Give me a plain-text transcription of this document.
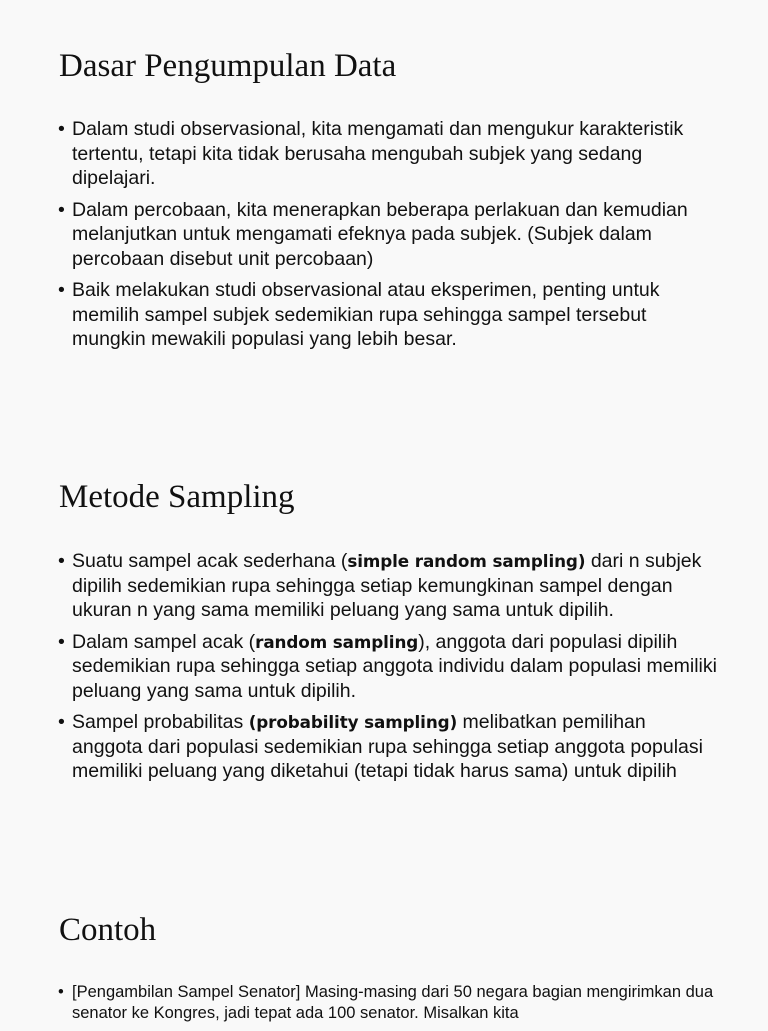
Dasar Pengumpulan Data
• Dalam studi observasional, kita mengamati dan mengukur karakteristik tertentu, tetapi kita tidak berusaha mengubah subjek yang sedang dipelajari.
• Dalam percobaan, kita menerapkan beberapa perlakuan dan kemudian melanjutkan untuk mengamati efeknya pada subjek. (Subjek dalam percobaan disebut unit percobaan)
• Baik melakukan studi observasional atau eksperimen, penting untuk memilih sampel subjek sedemikian rupa sehingga sampel tersebut mungkin mewakili populasi yang lebih besar.
Metode Sampling
• Suatu sampel acak sederhana (simple random sampling) dari n subjek dipilih sedemikian rupa sehingga setiap kemungkinan sampel dengan ukuran n yang sama memiliki peluang yang sama untuk dipilih.
• Dalam sampel acak (random sampling), anggota dari populasi dipilih sedemikian rupa sehingga setiap anggota individu dalam populasi memiliki peluang yang sama untuk dipilih.
• Sampel probabilitas (probability sampling) melibatkan pemilihan anggota dari populasi sedemikian rupa sehingga setiap anggota populasi memiliki peluang yang diketahui (tetapi tidak harus sama) untuk dipilih
Contoh
• [Pengambilan Sampel Senator] Masing-masing dari 50 negara bagian mengirimkan dua senator ke Kongres, jadi tepat ada 100 senator. Misalkan kita
